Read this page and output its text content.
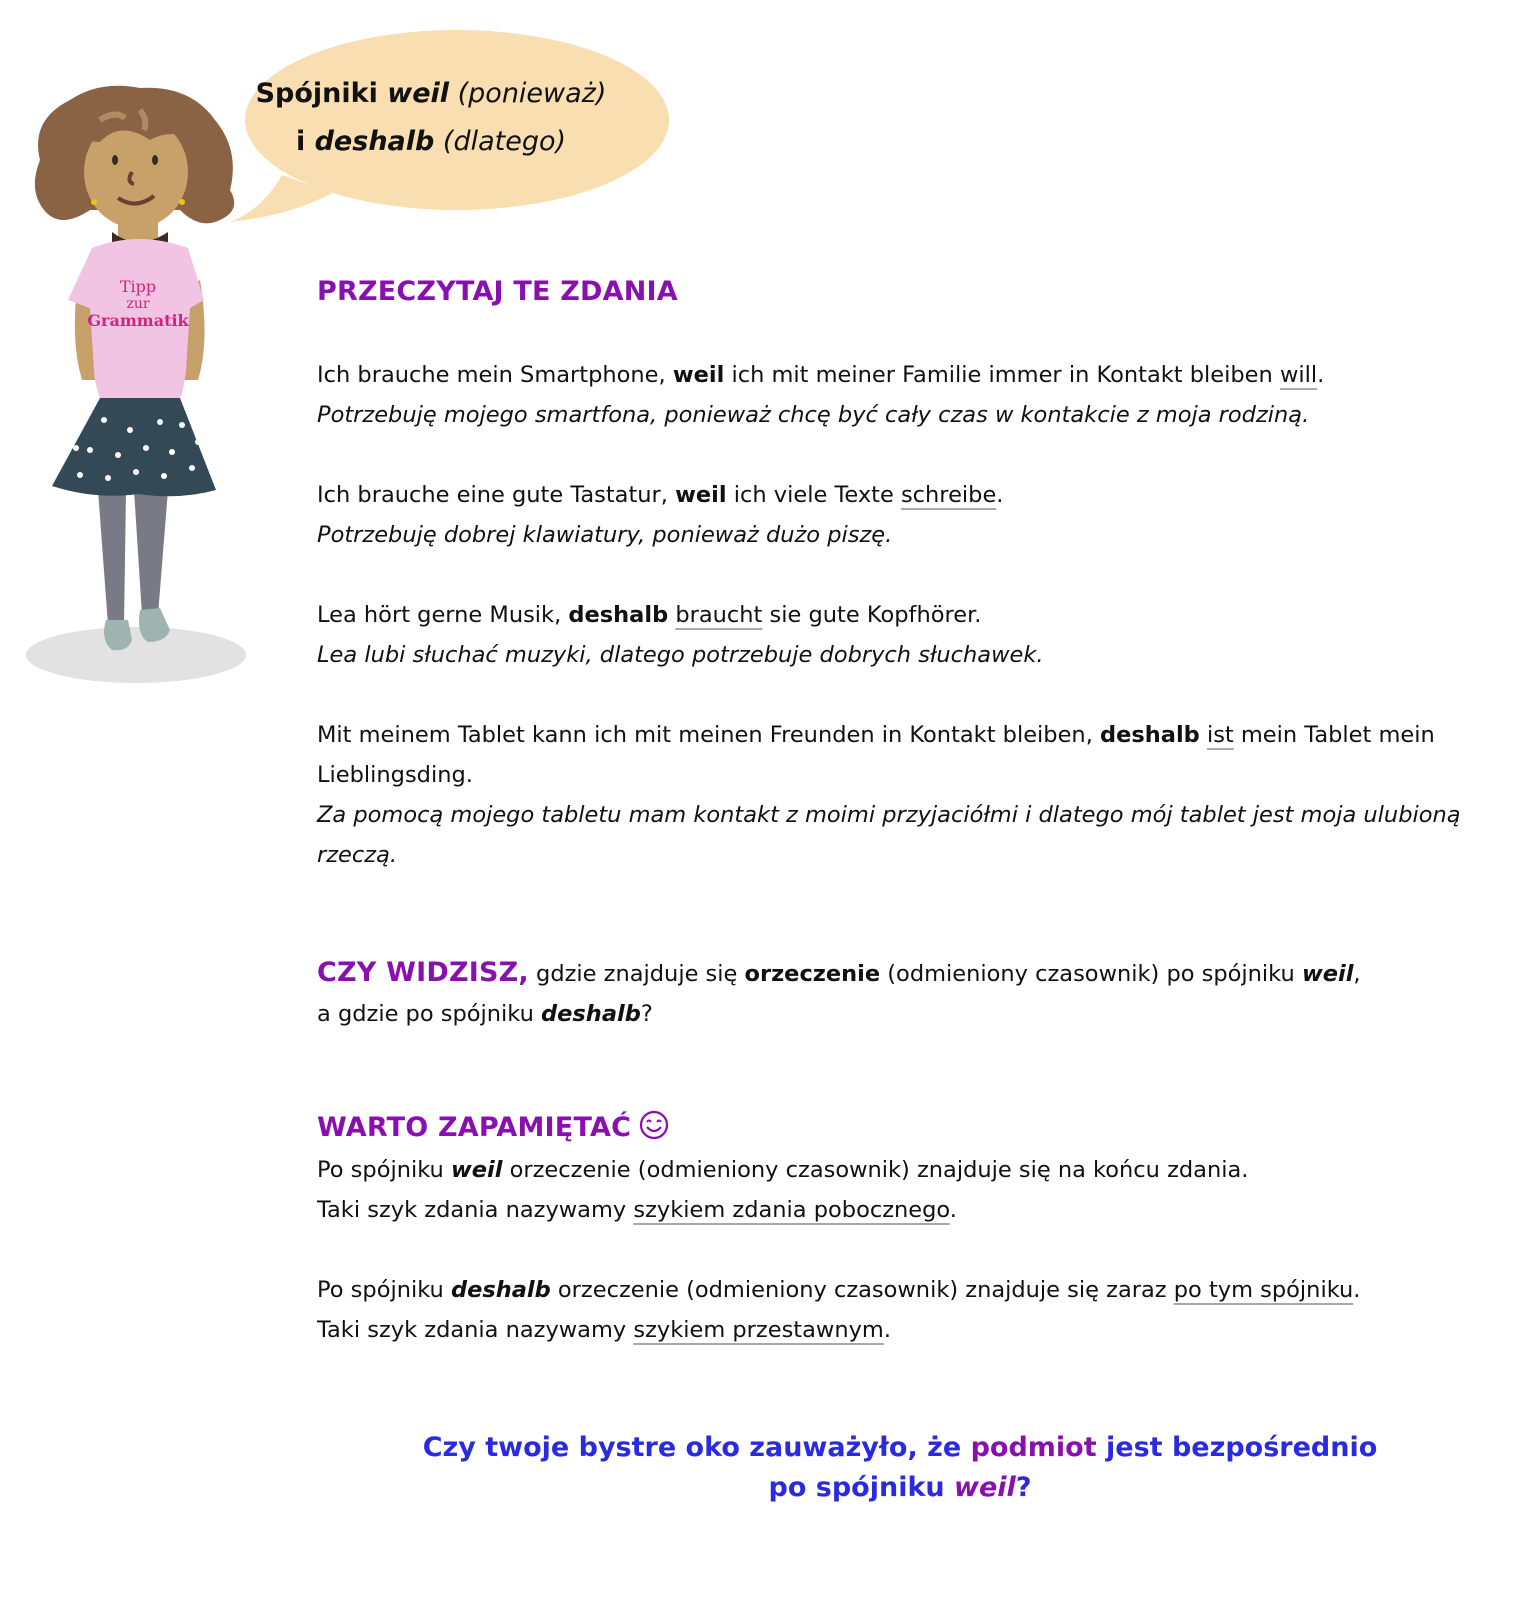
Spójniki weil (ponieważ)
i deshalb (dlatego)
Tipp
zur
Grammatik
PRZECZYTAJ TE ZDANIA
Ich brauche mein Smartphone, weil ich mit meiner Familie immer in Kontakt bleiben will.
Potrzebuję mojego smartfona, ponieważ chcę być cały czas w kontakcie z moja rodziną.
Ich brauche eine gute Tastatur, weil ich viele Texte schreibe.
Potrzebuję dobrej klawiatury, ponieważ dużo piszę.
Lea hört gerne Musik, deshalb braucht sie gute Kopfhörer.
Lea lubi słuchać muzyki, dlatego potrzebuje dobrych słuchawek.
Mit meinem Tablet kann ich mit meinen Freunden in Kontakt bleiben, deshalb ist mein Tablet mein Lieblingsding.
Za pomocą mojego tabletu mam kontakt z moimi przyjaciółmi i dlatego mój tablet jest moja ulubioną rzeczą.
CZY WIDZISZ, gdzie znajduje się orzeczenie (odmieniony czasownik) po spójniku weil,
a gdzie po spójniku deshalb?
WARTO ZAPAMIĘTAĆ
Po spójniku weil orzeczenie (odmieniony czasownik) znajduje się na końcu zdania.
Taki szyk zdania nazywamy szykiem zdania pobocznego.
Po spójniku deshalb orzeczenie (odmieniony czasownik) znajduje się zaraz po tym spójniku.
Taki szyk zdania nazywamy szykiem przestawnym.
Czy twoje bystre oko zauważyło, że podmiot jest bezpośrednio
po spójniku weil?
